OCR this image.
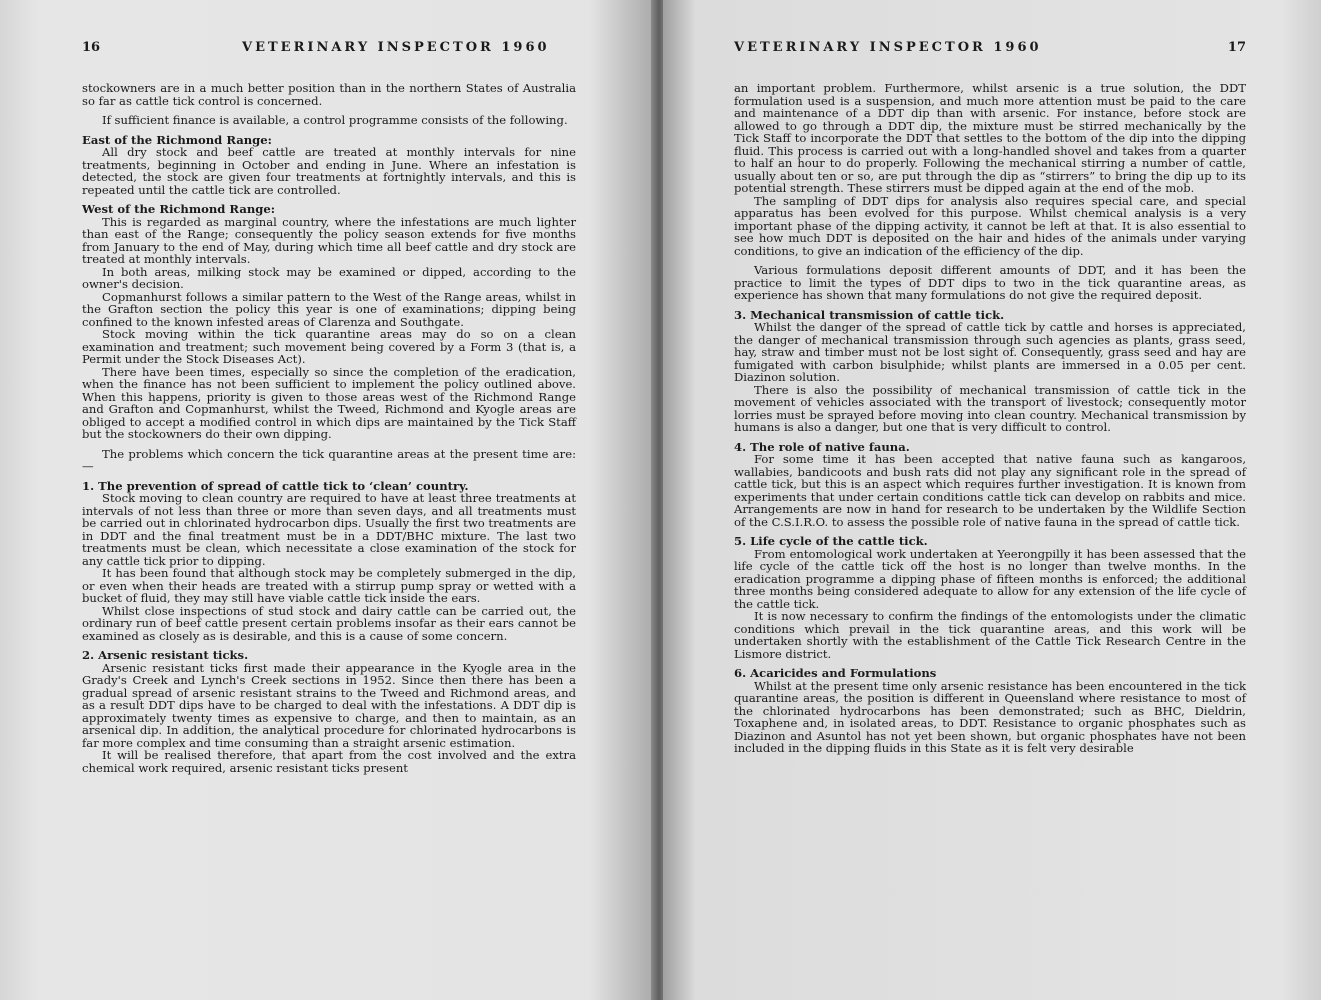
16	VETERINARY INSPECTOR 1960

stockowners are in a much better position than in the northern States of Australia so far as cattle tick control is concerned.

If sufficient finance is available, a control programme consists of the following.

East of the Richmond Range:

All dry stock and beef cattle are treated at monthly intervals for nine treatments, beginning in October and ending in June. Where an infestation is detected, the stock are given four treatments at fortnightly intervals, and this is repeated until the cattle tick are controlled.

West of the Richmond Range:

This is regarded as marginal country, where the infestations are much lighter than east of the Range; consequently the policy season extends for five months from January to the end of May, during which time all beef cattle and dry stock are treated at monthly intervals.

In both areas, milking stock may be examined or dipped, according to the owner's decision.

Copmanhurst follows a similar pattern to the West of the Range areas, whilst in the Grafton section the policy this year is one of examinations; dipping being confined to the known infested areas of Clarenza and Southgate.

Stock moving within the tick quarantine areas may do so on a clean examination and treatment; such movement being covered by a Form 3 (that is, a Permit under the Stock Diseases Act).

There have been times, especially so since the completion of the eradication, when the finance has not been sufficient to implement the policy outlined above. When this happens, priority is given to those areas west of the Richmond Range and Grafton and Copmanhurst, whilst the Tweed, Richmond and Kyogle areas are obliged to accept a modified control in which dips are maintained by the Tick Staff but the stockowners do their own dipping.

The problems which concern the tick quarantine areas at the present time are:—

1. The prevention of spread of cattle tick to ‘clean’ country.

Stock moving to clean country are required to have at least three treatments at intervals of not less than three or more than seven days, and all treatments must be carried out in chlorinated hydrocarbon dips. Usually the first two treatments are in DDT and the final treatment must be in a DDT/BHC mixture. The last two treatments must be clean, which necessitate a close examination of the stock for any cattle tick prior to dipping.

It has been found that although stock may be completely submerged in the dip, or even when their heads are treated with a stirrup pump spray or wetted with a bucket of fluid, they may still have viable cattle tick inside the ears.

Whilst close inspections of stud stock and dairy cattle can be carried out, the ordinary run of beef cattle present certain problems insofar as their ears cannot be examined as closely as is desirable, and this is a cause of some concern.

2. Arsenic resistant ticks.

Arsenic resistant ticks first made their appearance in the Kyogle area in the Grady's Creek and Lynch's Creek sections in 1952. Since then there has been a gradual spread of arsenic resistant strains to the Tweed and Richmond areas, and as a result DDT dips have to be charged to deal with the infestations. A DDT dip is approximately twenty times as expensive to charge, and then to maintain, as an arsenical dip. In addition, the analytical procedure for chlorinated hydrocarbons is far more complex and time consuming than a straight arsenic estimation.

It will be realised therefore, that apart from the cost involved and the extra chemical work required, arsenic resistant ticks present

VETERINARY INSPECTOR 1960	17

an important problem. Furthermore, whilst arsenic is a true solution, the DDT formulation used is a suspension, and much more attention must be paid to the care and maintenance of a DDT dip than with arsenic. For instance, before stock are allowed to go through a DDT dip, the mixture must be stirred mechanically by the Tick Staff to incorporate the DDT that settles to the bottom of the dip into the dipping fluid. This process is carried out with a long-handled shovel and takes from a quarter to half an hour to do properly. Following the mechanical stirring a number of cattle, usually about ten or so, are put through the dip as “stirrers” to bring the dip up to its potential strength. These stirrers must be dipped again at the end of the mob.

The sampling of DDT dips for analysis also requires special care, and special apparatus has been evolved for this purpose. Whilst chemical analysis is a very important phase of the dipping activity, it cannot be left at that. It is also essential to see how much DDT is deposited on the hair and hides of the animals under varying conditions, to give an indication of the efficiency of the dip.

Various formulations deposit different amounts of DDT, and it has been the practice to limit the types of DDT dips to two in the tick quarantine areas, as experience has shown that many formulations do not give the required deposit.

3. Mechanical transmission of cattle tick.

Whilst the danger of the spread of cattle tick by cattle and horses is appreciated, the danger of mechanical transmission through such agencies as plants, grass seed, hay, straw and timber must not be lost sight of. Consequently, grass seed and hay are fumigated with carbon bisulphide; whilst plants are immersed in a 0.05 per cent. Diazinon solution.

There is also the possibility of mechanical transmission of cattle tick in the movement of vehicles associated with the transport of livestock; consequently motor lorries must be sprayed before moving into clean country. Mechanical transmission by humans is also a danger, but one that is very difficult to control.

4. The role of native fauna.

For some time it has been accepted that native fauna such as kangaroos, wallabies, bandicoots and bush rats did not play any significant role in the spread of cattle tick, but this is an aspect which requires further investigation. It is known from experiments that under certain conditions cattle tick can develop on rabbits and mice. Arrangements are now in hand for research to be undertaken by the Wildlife Section of the C.S.I.R.O. to assess the possible role of native fauna in the spread of cattle tick.

5. Life cycle of the cattle tick.

From entomological work undertaken at Yeerongpilly it has been assessed that the life cycle of the cattle tick off the host is no longer than twelve months. In the eradication programme a dipping phase of fifteen months is enforced; the additional three months being considered adequate to allow for any extension of the life cycle of the cattle tick.

It is now necessary to confirm the findings of the entomologists under the climatic conditions which prevail in the tick quarantine areas, and this work will be undertaken shortly with the establishment of the Cattle Tick Research Centre in the Lismore district.

6. Acaricides and Formulations

Whilst at the present time only arsenic resistance has been encountered in the tick quarantine areas, the position is different in Queensland where resistance to most of the chlorinated hydrocarbons has been demonstrated; such as BHC, Dieldrin, Toxaphene and, in isolated areas, to DDT. Resistance to organic phosphates such as Diazinon and Asuntol has not yet been shown, but organic phosphates have not been included in the dipping fluids in this State as it is felt very desirable
